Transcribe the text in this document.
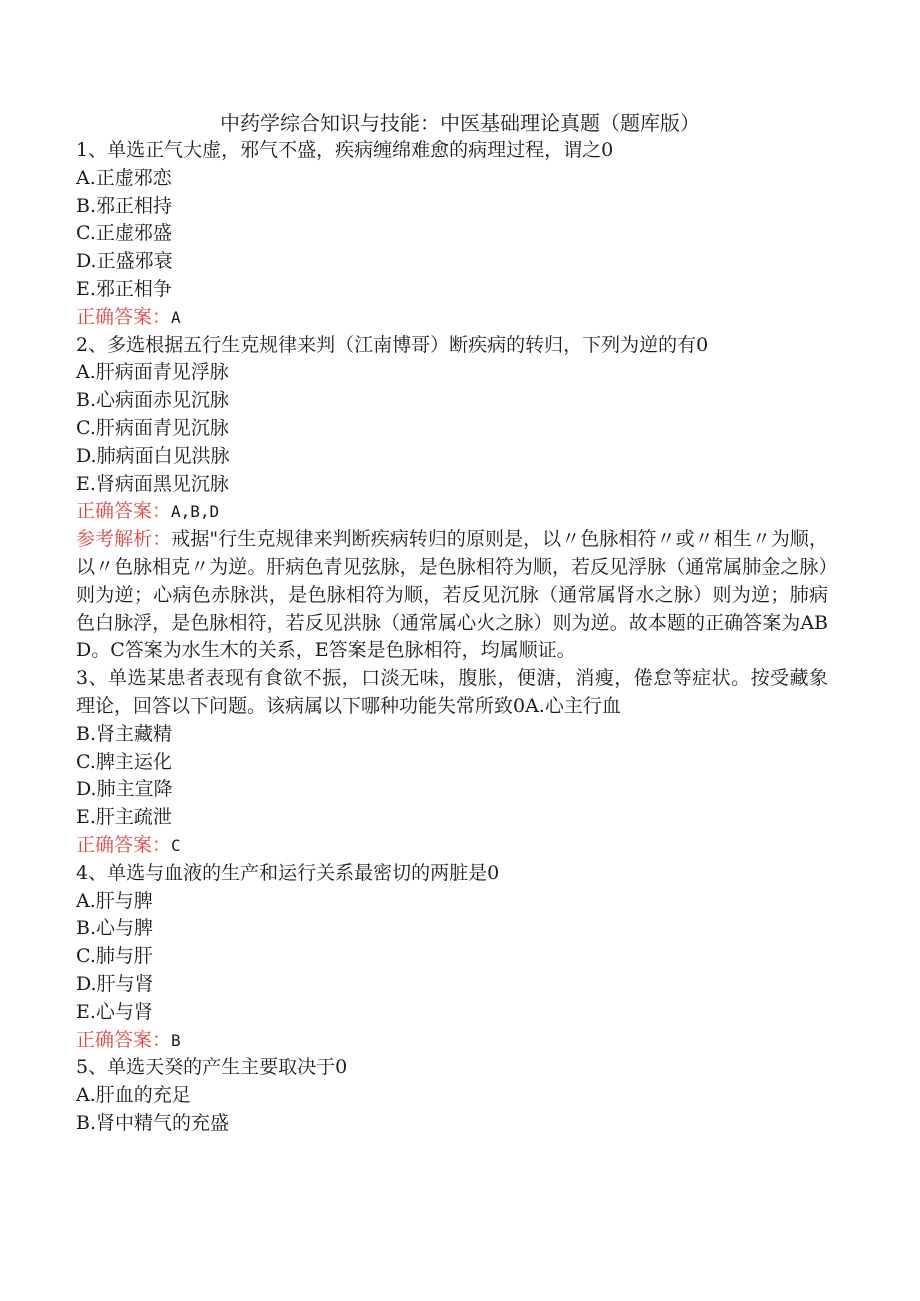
中药学综合知识与技能：中医基础理论真题（题库版）
1、单选正气大虚，邪气不盛，疾病缠绵难愈的病理过程，谓之0
A.正虚邪恋
B.邪正相持
C.正虚邪盛
D.正盛邪衰
E.邪正相争
正确答案：A
2、多选根据五行生克规律来判（江南博哥）断疾病的转归，下列为逆的有0
A.肝病面青见浮脉
B.心病面赤见沉脉
C.肝病面青见沉脉
D.肺病面白见洪脉
E.肾病面黑见沉脉
正确答案：A,B,D
参考解析：戒据"行生克规律来判断疾病转归的原则是，以〃色脉相符〃或〃相生〃为顺，以〃色脉相克〃为逆。肝病色青见弦脉，是色脉相符为顺，若反见浮脉（通常属肺金之脉）则为逆；心病色赤脉洪，是色脉相符为顺，若反见沉脉（通常属肾水之脉）则为逆；肺病色白脉浮，是色脉相符，若反见洪脉（通常属心火之脉）则为逆。故本题的正确答案为ABD。C答案为水生木的关系，E答案是色脉相符，均属顺证。
3、单选某患者表现有食欲不振，口淡无味，腹胀，便溏，消瘦，倦怠等症状。按受藏象理论，回答以下问题。该病属以下哪种功能失常所致0A.心主行血
B.肾主藏精
C.脾主运化
D.肺主宣降
E.肝主疏泄
正确答案：C
4、单选与血液的生产和运行关系最密切的两脏是0
A.肝与脾
B.心与脾
C.肺与肝
D.肝与肾
E.心与肾
正确答案：B
5、单选天癸的产生主要取决于0
A.肝血的充足
B.肾中精气的充盛
